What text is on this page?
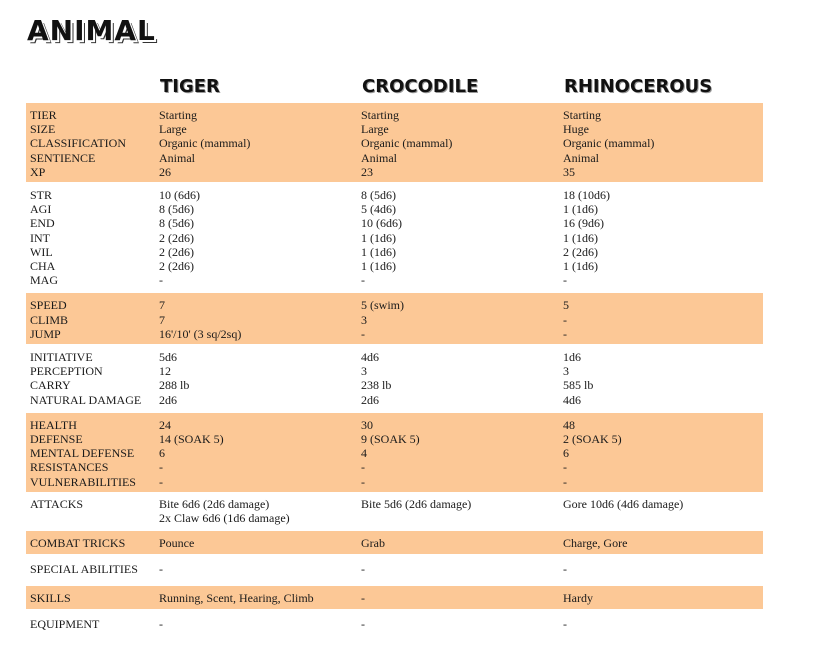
ANIMAL
TIGER	CROCODILE	RHINOCEROUS
TIER	Starting	Starting	Starting
SIZE	Large	Large	Huge
CLASSIFICATION	Organic (mammal)	Organic (mammal)	Organic (mammal)
SENTIENCE	Animal	Animal	Animal
XP	26	23	35
STR	10 (6d6)	8 (5d6)	18 (10d6)
AGI	8 (5d6)	5 (4d6)	1 (1d6)
END	8 (5d6)	10 (6d6)	16 (9d6)
INT	2 (2d6)	1 (1d6)	1 (1d6)
WIL	2 (2d6)	1 (1d6)	2 (2d6)
CHA	2 (2d6)	1 (1d6)	1 (1d6)
MAG	-	-	-
SPEED	7	5 (swim)	5
CLIMB	7	3	-
JUMP	16'/10' (3 sq/2sq)	-	-
INITIATIVE	5d6	4d6	1d6
PERCEPTION	12	3	3
CARRY	288 lb	238 lb	585 lb
NATURAL DAMAGE	2d6	2d6	4d6
HEALTH	24	30	48
DEFENSE	14 (SOAK 5)	9 (SOAK 5)	2 (SOAK 5)
MENTAL DEFENSE	6	4	6
RESISTANCES	-	-	-
VULNERABILITIES	-	-	-
ATTACKS	Bite 6d6 (2d6 damage)	Bite 5d6 (2d6 damage)	Gore 10d6 (4d6 damage)
2x Claw 6d6 (1d6 damage)
COMBAT TRICKS	Pounce	Grab	Charge, Gore
SPECIAL ABILITIES	-	-	-
SKILLS	Running, Scent, Hearing, Climb	-	Hardy
EQUIPMENT	-	-	-
